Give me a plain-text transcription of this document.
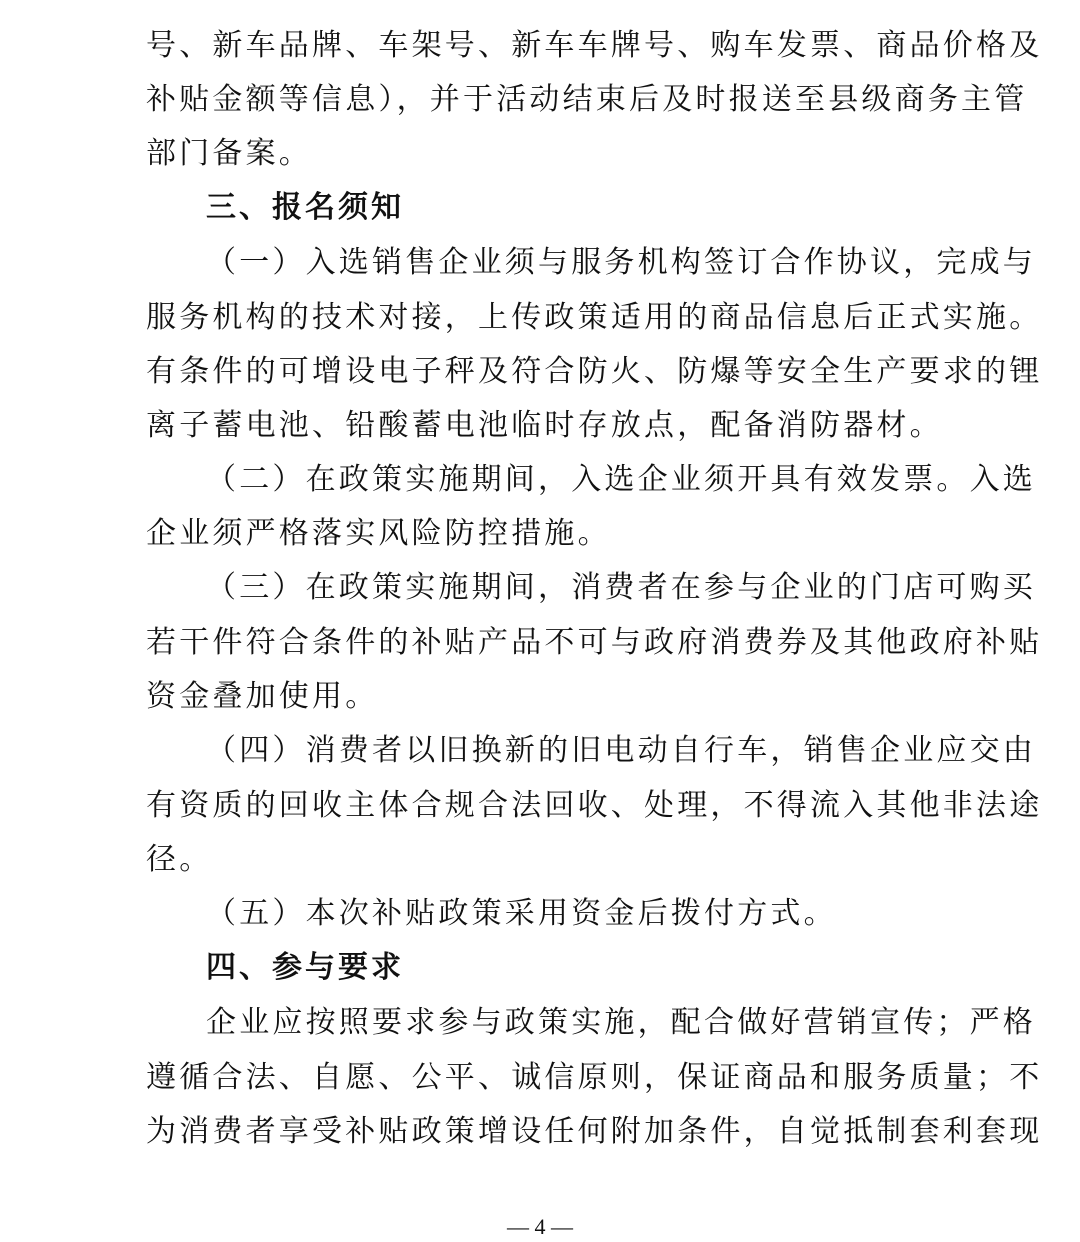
号、新车品牌、车架号、新车车牌号、购车发票、商品价格及
补贴金额等信息），并于活动结束后及时报送至县级商务主管
部门备案。
三、报名须知
（一）入选销售企业须与服务机构签订合作协议，完成与
服务机构的技术对接，上传政策适用的商品信息后正式实施。
有条件的可增设电子秤及符合防火、防爆等安全生产要求的锂
离子蓄电池、铅酸蓄电池临时存放点，配备消防器材。
（二）在政策实施期间，入选企业须开具有效发票。入选
企业须严格落实风险防控措施。
（三）在政策实施期间，消费者在参与企业的门店可购买
若干件符合条件的补贴产品不可与政府消费券及其他政府补贴
资金叠加使用。
（四）消费者以旧换新的旧电动自行车，销售企业应交由
有资质的回收主体合规合法回收、处理，不得流入其他非法途
径。
（五）本次补贴政策采用资金后拨付方式。
四、参与要求
企业应按照要求参与政策实施，配合做好营销宣传；严格
遵循合法、自愿、公平、诚信原则，保证商品和服务质量；不
为消费者享受补贴政策增设任何附加条件，自觉抵制套利套现
— 4 —
